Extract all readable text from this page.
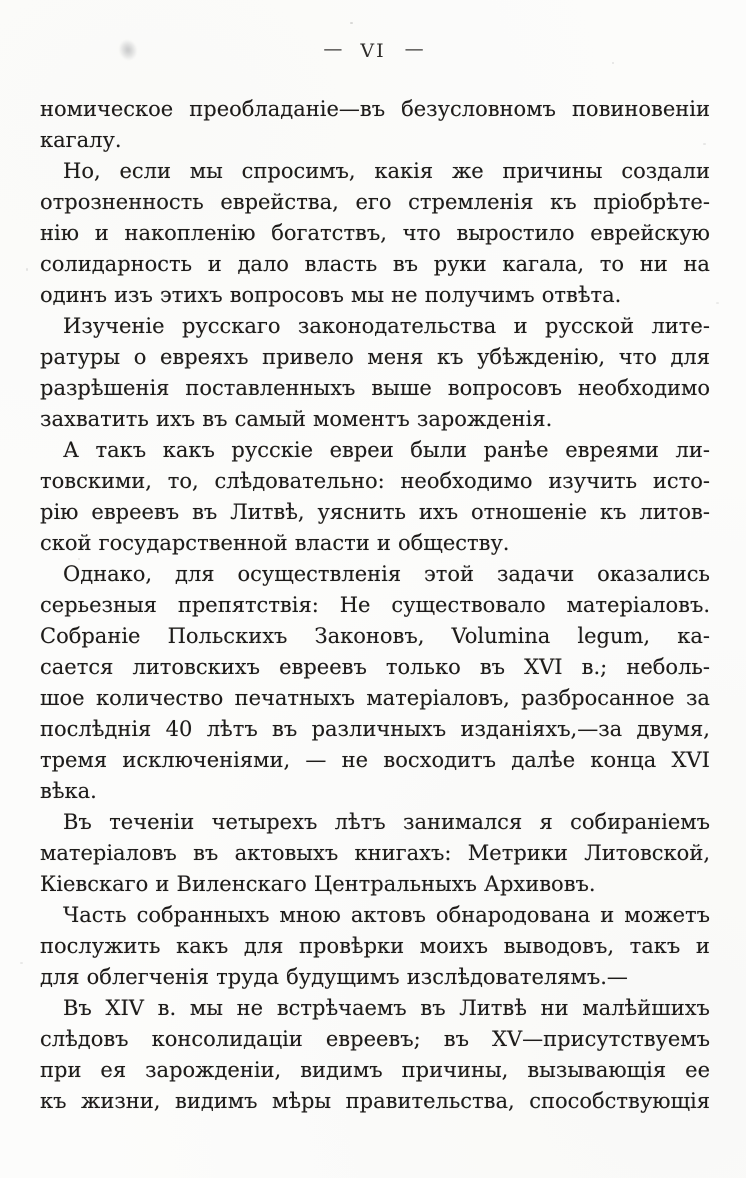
— VI —
номическое преобладаніе—въ безусловномъ повиновеніи
кагалу.
Но, если мы спросимъ, какія же причины создали
отрозненность еврейства, его стремленія къ пріобрѣте-
нію и накопленію богатствъ, что выростило еврейскую
солидарность и дало власть въ руки кагала, то ни на
одинъ изъ этихъ вопросовъ мы не получимъ отвѣта.
Изученіе русскаго законодательства и русской лите-
ратуры о евреяхъ привело меня къ убѣжденію, что для
разрѣшенія поставленныхъ выше вопросовъ необходимо
захватить ихъ въ самый моментъ зарожденія.
А такъ какъ русскіе евреи были ранѣе евреями ли-
товскими, то, слѣдовательно: необходимо изучить исто-
рію евреевъ въ Литвѣ, уяснить ихъ отношеніе къ литов-
ской государственной власти и обществу.
Однако, для осуществленія этой задачи оказались
серьезныя препятствія: Не существовало матеріаловъ.
Собраніе Польскихъ Законовъ, Volumina legum, ка-
сается литовскихъ евреевъ только въ XVI в.; неболь-
шое количество печатныхъ матеріаловъ, разбросанное за
послѣднія 40 лѣтъ въ различныхъ изданіяхъ,—за двумя,
тремя исключеніями, — не восходитъ далѣе конца XVI
вѣка.
Въ теченіи четырехъ лѣтъ занимался я собираніемъ
матеріаловъ въ актовыхъ книгахъ: Метрики Литовской,
Кіевскаго и Виленскаго Центральныхъ Архивовъ.
Часть собранныхъ мною актовъ обнародована и можетъ
послужить какъ для провѣрки моихъ выводовъ, такъ и
для облегченія труда будущимъ изслѣдователямъ.—
Въ XIV в. мы не встрѣчаемъ въ Литвѣ ни малѣйшихъ
слѣдовъ консолидаціи евреевъ; въ XV—присутствуемъ
при ея зарожденіи, видимъ причины, вызывающія ее
къ жизни, видимъ мѣры правительства, способствующія
